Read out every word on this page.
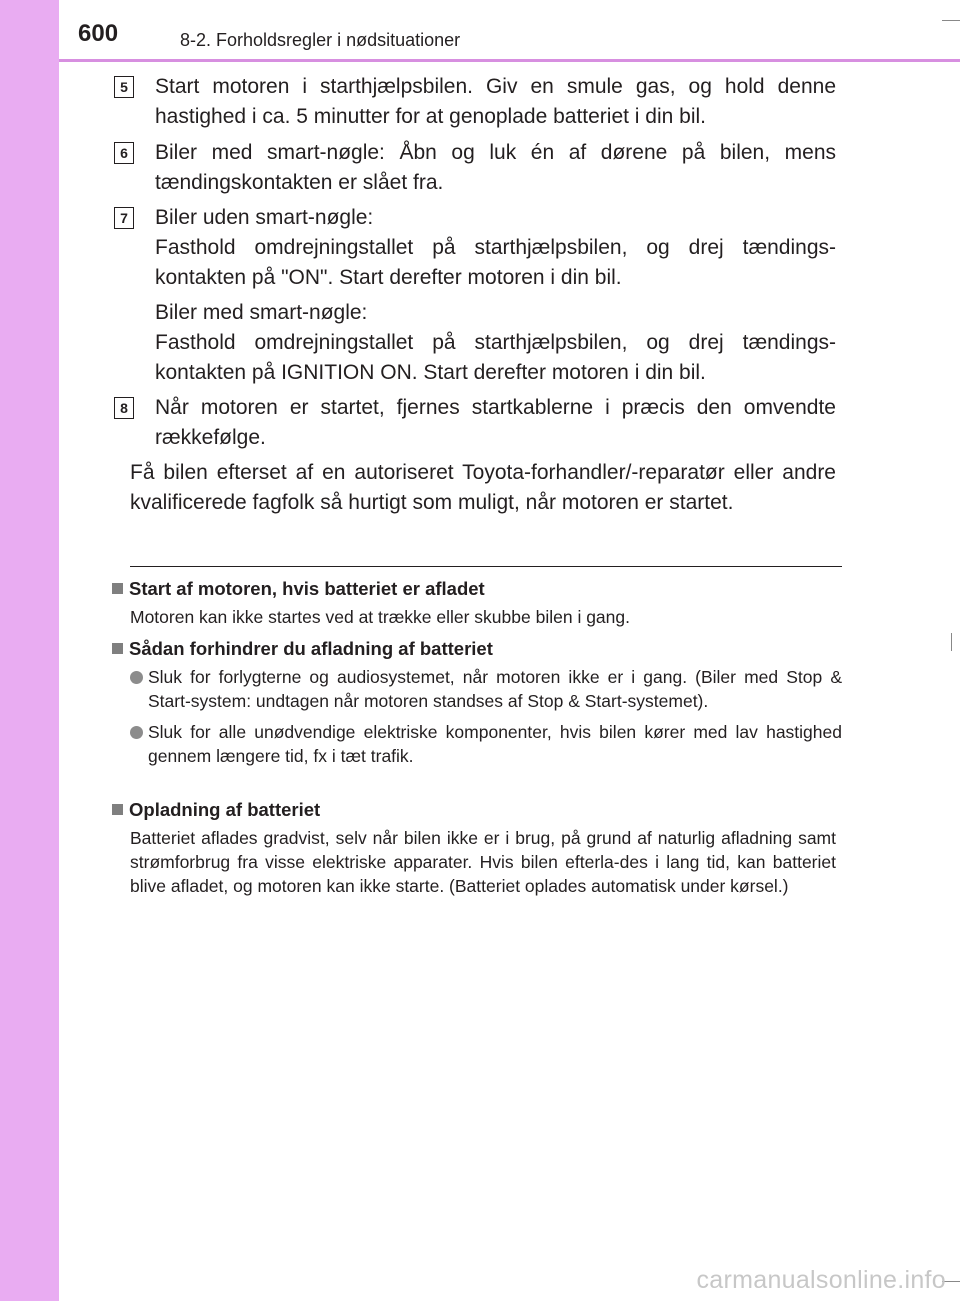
600	8-2. Forholdsregler i nødsituationer
5 Start motoren i starthjælpsbilen. Giv en smule gas, og hold denne hastighed i ca. 5 minutter for at genoplade batteriet i din bil.

6 Biler med smart-nøgle: Åbn og luk én af dørene på bilen, mens tændingskontakten er slået fra.

7 Biler uden smart-nøgle:

Fasthold omdrejningstallet på starthjælpsbilen, og drej tændings-kontakten på "ON". Start derefter motoren i din bil.

Biler med smart-nøgle:

Fasthold omdrejningstallet på starthjælpsbilen, og drej tændings-kontakten på IGNITION ON. Start derefter motoren i din bil.

8 Når motoren er startet, fjernes startkablerne i præcis den omvendte rækkefølge.

Få bilen efterset af en autoriseret Toyota-forhandler/-reparatør eller andre kvalificerede fagfolk så hurtigt som muligt, når motoren er startet.
Start af motoren, hvis batteriet er afladet
Motoren kan ikke startes ved at trække eller skubbe bilen i gang.
Sådan forhindrer du afladning af batteriet
Sluk for forlygterne og audiosystemet, når motoren ikke er i gang. (Biler med Stop & Start-system: undtagen når motoren standses af Stop & Start-systemet).
Sluk for alle unødvendige elektriske komponenter, hvis bilen kører med lav hastighed gennem længere tid, fx i tæt trafik.
Opladning af batteriet
Batteriet aflades gradvist, selv når bilen ikke er i brug, på grund af naturlig afladning samt strømforbrug fra visse elektriske apparater. Hvis bilen efterla-des i lang tid, kan batteriet blive afladet, og motoren kan ikke starte. (Batteriet oplades automatisk under kørsel.)
carmanualsonline.info
